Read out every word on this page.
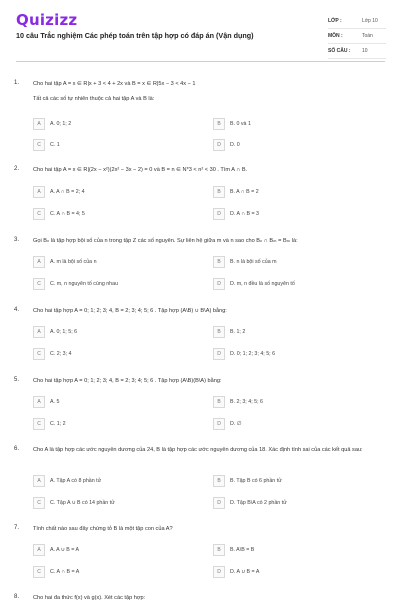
Quizizz
10 câu Trắc nghiệm Các phép toán trên tập hợp có đáp án (Vận dụng)
LỚP :	Lớp 10
MÔN :	Toán
SỐ CÂU : 10
1. Cho hai tập A = x ∈ R|x + 3 < 4 + 2x và B = x ∈ R|5x − 3 < 4x − 1
Tất cả các số tự nhiên thuộc cả hai tập A và B là:
A	A. 0; 1; 2	B	B. 0 và 1
C	C. 1	D	D. 0
2. Cho hai tập A = x ∈ R|(2x − x²)(2x² − 3x − 2) = 0 và B = n ∈ N*3 < n² < 30 . Tìm A ∩ B.
A	A. A ∩ B = 2; 4	B	B. A ∩ B = 2
C	C. A ∩ B = 4; 5	D	D. A ∩ B = 3
3. Gọi Bₙ là tập hợp bội số của n trong tập Z các số nguyên. Sự liên hệ giữa m và n sao cho Bₙ ∩ Bₘ = Bₘ là:
A	A. m là bội số của n	B	B. n là bội số của m
C	C. m, n nguyên tố cùng nhau	D	D. m, n đều là số nguyên tố
4. Cho hai tập hợp A = 0; 1; 2; 3; 4, B = 2; 3; 4; 5; 6 . Tập hợp (A\B) ∪ B\A) bằng:
A	A. 0; 1; 5; 6	B	B. 1; 2
C	C. 2; 3; 4	D	D. 0; 1; 2; 3; 4; 5; 6
5. Cho hai tập hợp A = 0; 1; 2; 3; 4, B = 2; 3; 4; 5; 6 . Tập hợp (A\B)(B\A) bằng:
A	A. 5	B	B. 2; 3; 4; 5; 6
C	C. 1; 2	D	D. ∅
6. Cho A là tập hợp các ước nguyên dương của 24, B là tập hợp các ước nguyên dương của 18. Xác định tính sai của các kết quả sau:
A	A. Tập A có 8 phần tử	B	B. Tập B có 6 phần tử
C	C. Tập A ∪ B có 14 phần tử	D	D. Tập B\A có 2 phần tử
7. Tính chất nào sau đây chứng tỏ B là một tập con của A?
A	A. A ∪ B = A	B	B. A\B = B
C	C. A ∩ B = A	D	D. A ∪ B = A
8. Cho hai đa thức f(x) và g(x). Xét các tập hợp:
